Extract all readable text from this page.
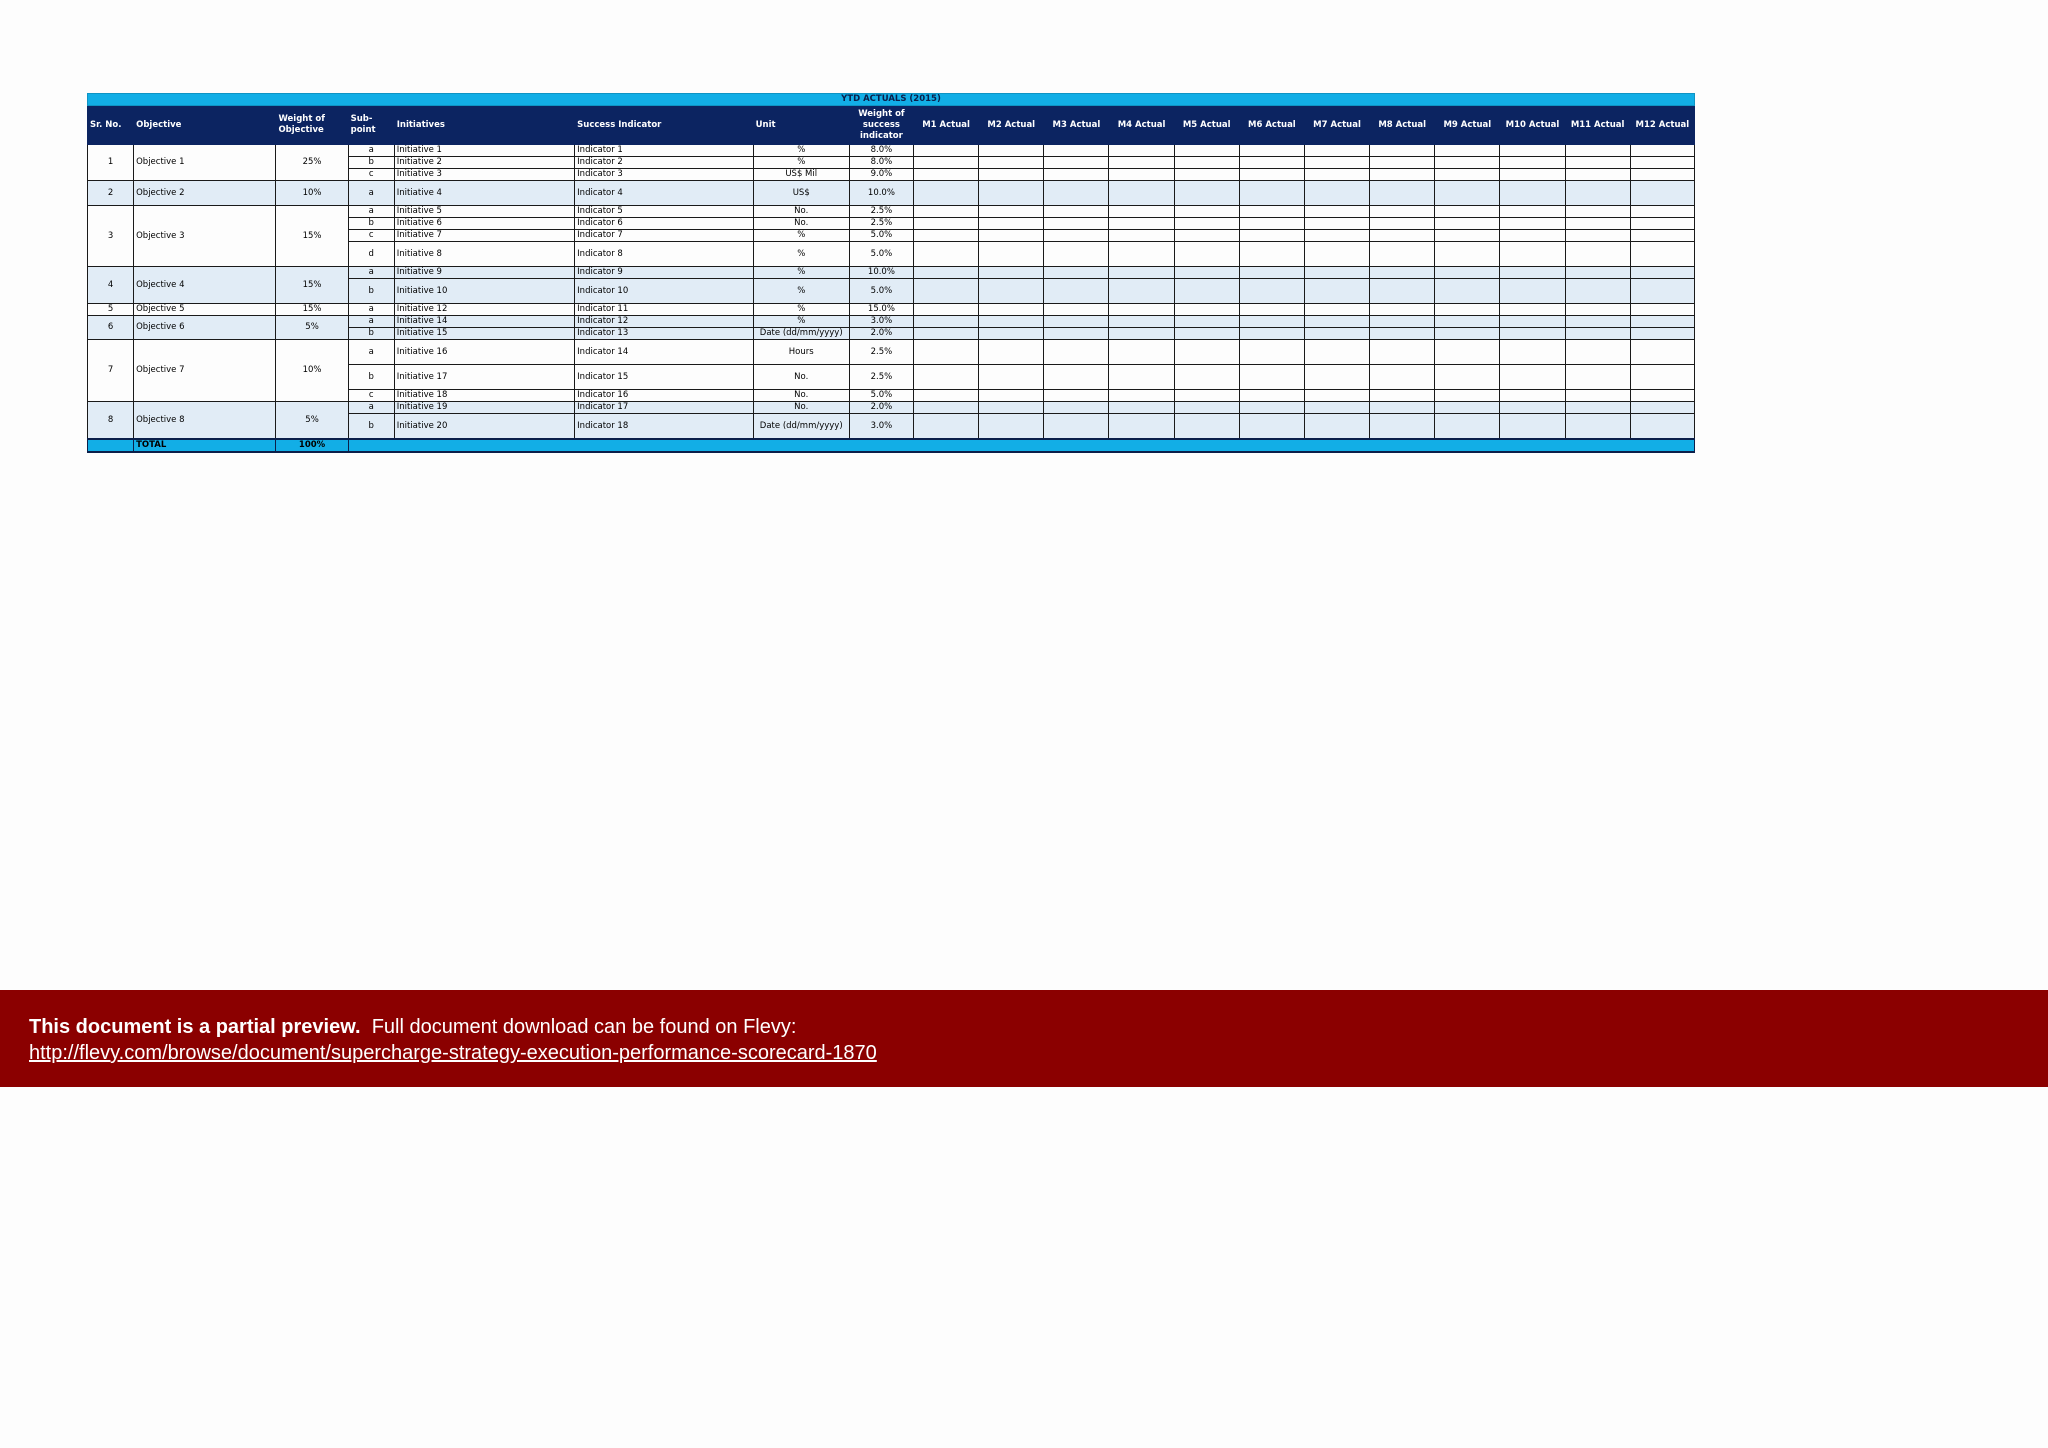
YTD ACTUALS (2015)																			
Sr. No.	Objective	Weight of Objective	Sub-point	Initiatives	Success Indicator	Unit	Weight of success indicator	M1 Actual	M2 Actual	M3 Actual	M4 Actual	M5 Actual	M6 Actual	M7 Actual	M8 Actual	M9 Actual	M10 Actual	M11 Actual	M12 Actual
1	Objective 1	25%	a	Initiative 1	Indicator 1	%	8.0%												
			b	Initiative 2	Indicator 2	%	8.0%												
			c	Initiative 3	Indicator 3	US$ Mil	9.0%												
2	Objective 2	10%	a	Initiative 4	Indicator 4	US$	10.0%												
3	Objective 3	15%	a	Initiative 5	Indicator 5	No.	2.5%												
			b	Initiative 6	Indicator 6	No.	2.5%												
			c	Initiative 7	Indicator 7	%	5.0%												
			d	Initiative 8	Indicator 8	%	5.0%												
4	Objective 4	15%	a	Initiative 9	Indicator 9	%	10.0%												
			b	Initiative 10	Indicator 10	%	5.0%												
5	Objective 5	15%	a	Initiative 12	Indicator 11	%	15.0%												
6	Objective 6	5%	a	Initiative 14	Indicator 12	%	3.0%												
			b	Initiative 15	Indicator 13	Date (dd/mm/yyyy)	2.0%												
7	Objective 7	10%	a	Initiative 16	Indicator 14	Hours	2.5%												
			b	Initiative 17	Indicator 15	No.	2.5%												
			c	Initiative 18	Indicator 16	No.	5.0%												
8	Objective 8	5%	a	Initiative 19	Indicator 17	No.	2.0%												
			b	Initiative 20	Indicator 18	Date (dd/mm/yyyy)	3.0%												
	TOTAL	100%																	
This document is a partial preview. Full document download can be found on Flevy:
http://flevy.com/browse/document/supercharge-strategy-execution-performance-scorecard-1870
